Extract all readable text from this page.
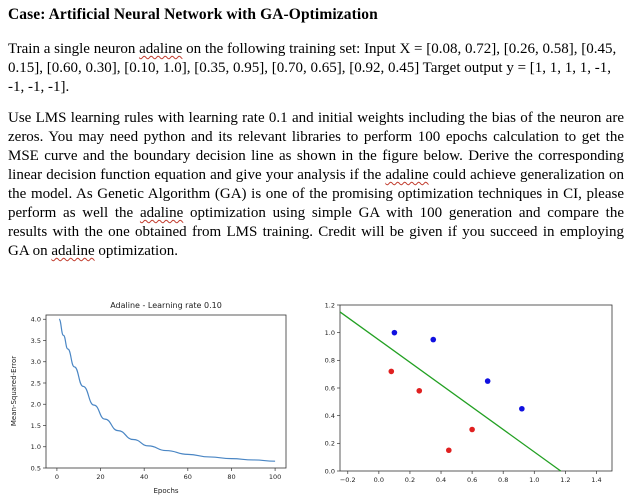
Case: Artificial Neural Network with GA-Optimization
Train a single neuron adaline on the following training set: Input X = [0.08, 0.72], [0.26, 0.58], [0.45, 0.15], [0.60, 0.30], [0.10, 1.0], [0.35, 0.95], [0.70, 0.65], [0.92, 0.45] Target output y = [1, 1, 1, 1, -1, -1, -1, -1].
Use LMS learning rules with learning rate 0.1 and initial weights including the bias of the neuron are zeros. You may need python and its relevant libraries to perform 100 epochs calculation to get the MSE curve and the boundary decision line as shown in the figure below. Derive the corresponding linear decision function equation and give your analysis if the adaline could achieve generalization on the model. As Genetic Algorithm (GA) is one of the promising optimization techniques in CI, please perform as well the adaline optimization using simple GA with 100 generation and compare the results with the one obtained from LMS training. Credit will be given if you succeed in employing GA on adaline optimization.
Adaline - Learning rate 0.10
Epochs
Mean-Squared-Error
0	20	40	60	80	100
0.5
1.0
1.5
2.0
2.5
3.0
3.5
4.0
−0.2	0.0	0.2	0.4	0.6	0.8	1.0	1.2	1.4
0.0
0.2
0.4
0.6
0.8
1.0
1.2
